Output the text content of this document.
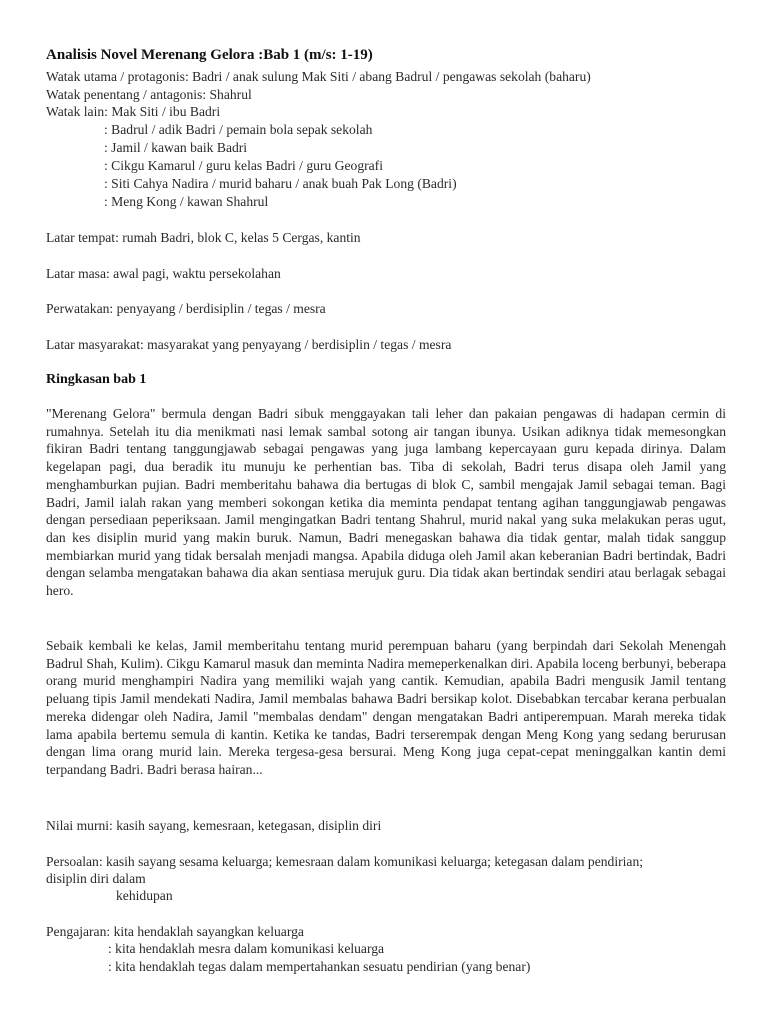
Analisis Novel Merenang Gelora :Bab 1 (m/s: 1-19)
Watak utama / protagonis: Badri / anak sulung Mak Siti / abang Badrul / pengawas sekolah (baharu)
Watak penentang / antagonis: Shahrul
Watak lain: Mak Siti / ibu Badri
: Badrul / adik Badri / pemain bola sepak sekolah
: Jamil / kawan baik Badri
: Cikgu Kamarul / guru kelas Badri / guru Geografi
: Siti Cahya Nadira / murid baharu / anak buah Pak Long (Badri)
: Meng Kong / kawan Shahrul
Latar tempat: rumah Badri, blok C, kelas 5 Cergas, kantin
Latar masa: awal pagi, waktu persekolahan
Perwatakan: penyayang / berdisiplin / tegas / mesra
Latar masyarakat: masyarakat yang penyayang / berdisiplin / tegas / mesra
Ringkasan bab 1
"Merenang Gelora" bermula dengan Badri sibuk menggayakan tali leher dan pakaian pengawas di hadapan cermin di rumahnya. Setelah itu dia menikmati nasi lemak sambal sotong air tangan ibunya. Usikan adiknya tidak memesongkan fikiran Badri tentang tanggungjawab sebagai pengawas yang juga lambang kepercayaan guru kepada dirinya. Dalam kegelapan pagi, dua beradik itu munuju ke perhentian bas. Tiba di sekolah, Badri terus disapa oleh Jamil yang menghamburkan pujian. Badri memberitahu bahawa dia bertugas di blok C, sambil mengajak Jamil sebagai teman. Bagi Badri, Jamil ialah rakan yang memberi sokongan ketika dia meminta pendapat tentang agihan tanggungjawab pengawas dengan persediaan peperiksaan. Jamil mengingatkan Badri tentang Shahrul, murid nakal yang suka melakukan peras ugut, dan kes disiplin murid yang makin buruk. Namun, Badri menegaskan bahawa dia tidak gentar, malah tidak sanggup membiarkan murid yang tidak bersalah menjadi mangsa. Apabila diduga oleh Jamil akan keberanian Badri bertindak, Badri dengan selamba mengatakan bahawa dia akan sentiasa merujuk guru. Dia tidak akan bertindak sendiri atau berlagak sebagai hero.
Sebaik kembali ke kelas, Jamil memberitahu tentang murid perempuan baharu (yang berpindah dari Sekolah Menengah Badrul Shah, Kulim). Cikgu Kamarul masuk dan meminta Nadira memeperkenalkan diri. Apabila loceng berbunyi, beberapa orang murid menghampiri Nadira yang memiliki wajah yang cantik. Kemudian, apabila Badri mengusik Jamil tentang peluang tipis Jamil mendekati Nadira, Jamil membalas bahawa Badri bersikap kolot. Disebabkan tercabar kerana perbualan mereka didengar oleh Nadira, Jamil "membalas dendam" dengan mengatakan Badri antiperempuan. Marah mereka tidak lama apabila bertemu semula di kantin. Ketika ke tandas, Badri terserempak dengan Meng Kong yang sedang berurusan dengan lima orang murid lain. Mereka tergesa-gesa bersurai. Meng Kong juga cepat-cepat meninggalkan kantin demi terpandang Badri. Badri berasa hairan...
Nilai murni: kasih sayang, kemesraan, ketegasan, disiplin diri
Persoalan: kasih sayang sesama keluarga; kemesraan dalam komunikasi keluarga; ketegasan dalam pendirian;
disiplin diri dalam
kehidupan
Pengajaran: kita hendaklah sayangkan keluarga
: kita hendaklah mesra dalam komunikasi keluarga
: kita hendaklah tegas dalam mempertahankan sesuatu pendirian (yang benar)
